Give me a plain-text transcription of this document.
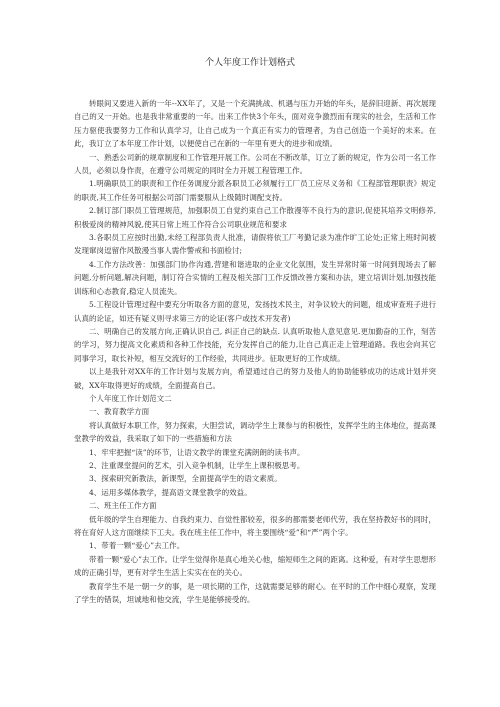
个人年度工作计划格式

转眼间又要进入新的一年--XX年了，又是一个充满挑战、机遇与压力开始的年头，是辞旧迎新、再次展现自己的又一开始。也是我非常重要的一年。出来工作快3个年头，面对竞争激烈而有现实的社会，生活和工作压力驱使我要努力工作和认真学习，让自己成为一个真正有实力的管理者，为自己创造一个美好的未来。在此，我订立了本年度工作计划，以便使自己在新的一年里有更大的进步和成绩。

一、熟悉公司新的规章制度和工作管理开展工作。公司在不断改革，订立了新的规定，作为公司一名工作人员，必须以身作责，在遵守公司规定的同时全力开展工程管理工作。

1.明确职员工的职责和工作任务调度分派各职员工必须履行工厂员工应尽义务和《工程部管理职责》规定的职责,其工作任务可根据公司部门需要服从上级随时调配支持。

2.制订部门职员工管理规范，加强职员工自觉约束自己工作散漫等不良行为的意识,促使其培养文明修养,积极爱岗的精神风貌,使其日常上班工作符合公司职业规范和要求

3.各职员工应按时出勤,未经工程部负责人批准，请假将依工厂考勤记录为准作旷工论处;正常上班时间被发现窜岗逗留作风散漫当事人需作警戒和书面检讨;

4.工作方法改善：加强部门协作沟通,营建和谐进取的企业文化氛围，发生异常时第一时间到现场去了解问题,分析问题,解决问题，制订符合实情的工程及相关部门工作反馈改善方案和办法，建立培训计划,加强技能训练和心态教育,稳定人员流失。

5.工程设计管理过程中要充分听取各方面的意见，发扬技术民主，对争议较大的问题，组成审查班子进行认真的论证，如还有疑义则寻求第三方的论证(客户或技术开发者)

二、明确自己的发展方向,正确认识自己, 纠正自己的缺点. 认真听取他人意见意见.更加勤奋的工作，刻苦的学习，努力提高文化素质和各种工作技能，充分发挥自己的能力,让自己真正走上管理道路。我也会向其它同事学习，取长补短，相互交流好的工作经验，共同进步。征取更好的工作成绩。

以上是我针对XX年的工作计划与发展方向，希望通过自己的努力及他人的协助能够成功的达成计划并突破，XX年取得更好的成绩，全面提高自己。

个人年度工作计划范文二

一、教育教学方面

将认真做好本职工作，努力探索，大胆尝试，调动学生上课参与的积极性，发挥学生的主体地位，提高课堂教学的效益，我采取了如下的一些措施和方法

1、牢牢把握“读”的环节，让语文教学的课堂充满朗朗的读书声。

2、注重课堂提问的艺术，引入竞争机制，让学生上课积极思考。

3、探索研究新教法，新课型，全面提高学生的语文素质。

4、运用多媒体教学，提高语文课堂教学的效益。

二、班主任工作方面

低年级的学生自理能力、自我约束力、自觉性都较差，很多的都需要老师代劳，我在坚持教好书的同时，将在育好人这方面继续下工夫。我在班主任工作中，将主要围绕“爱”和“严”两个字。

1、带着一颗“爱心”去工作。

带着一颗“爱心”去工作。让学生觉得你是真心地关心他，缩短师生之间的距离。这种爱，有对学生思想形成的正确引导，更有对学生生活上实实在在的关心。

教育学生不是一朝一夕的事，是一项长期的工作，这就需要足够的耐心。在平时的工作中细心观察，发现了学生的错误，坦诚地和他交流，学生是能够接受的。
